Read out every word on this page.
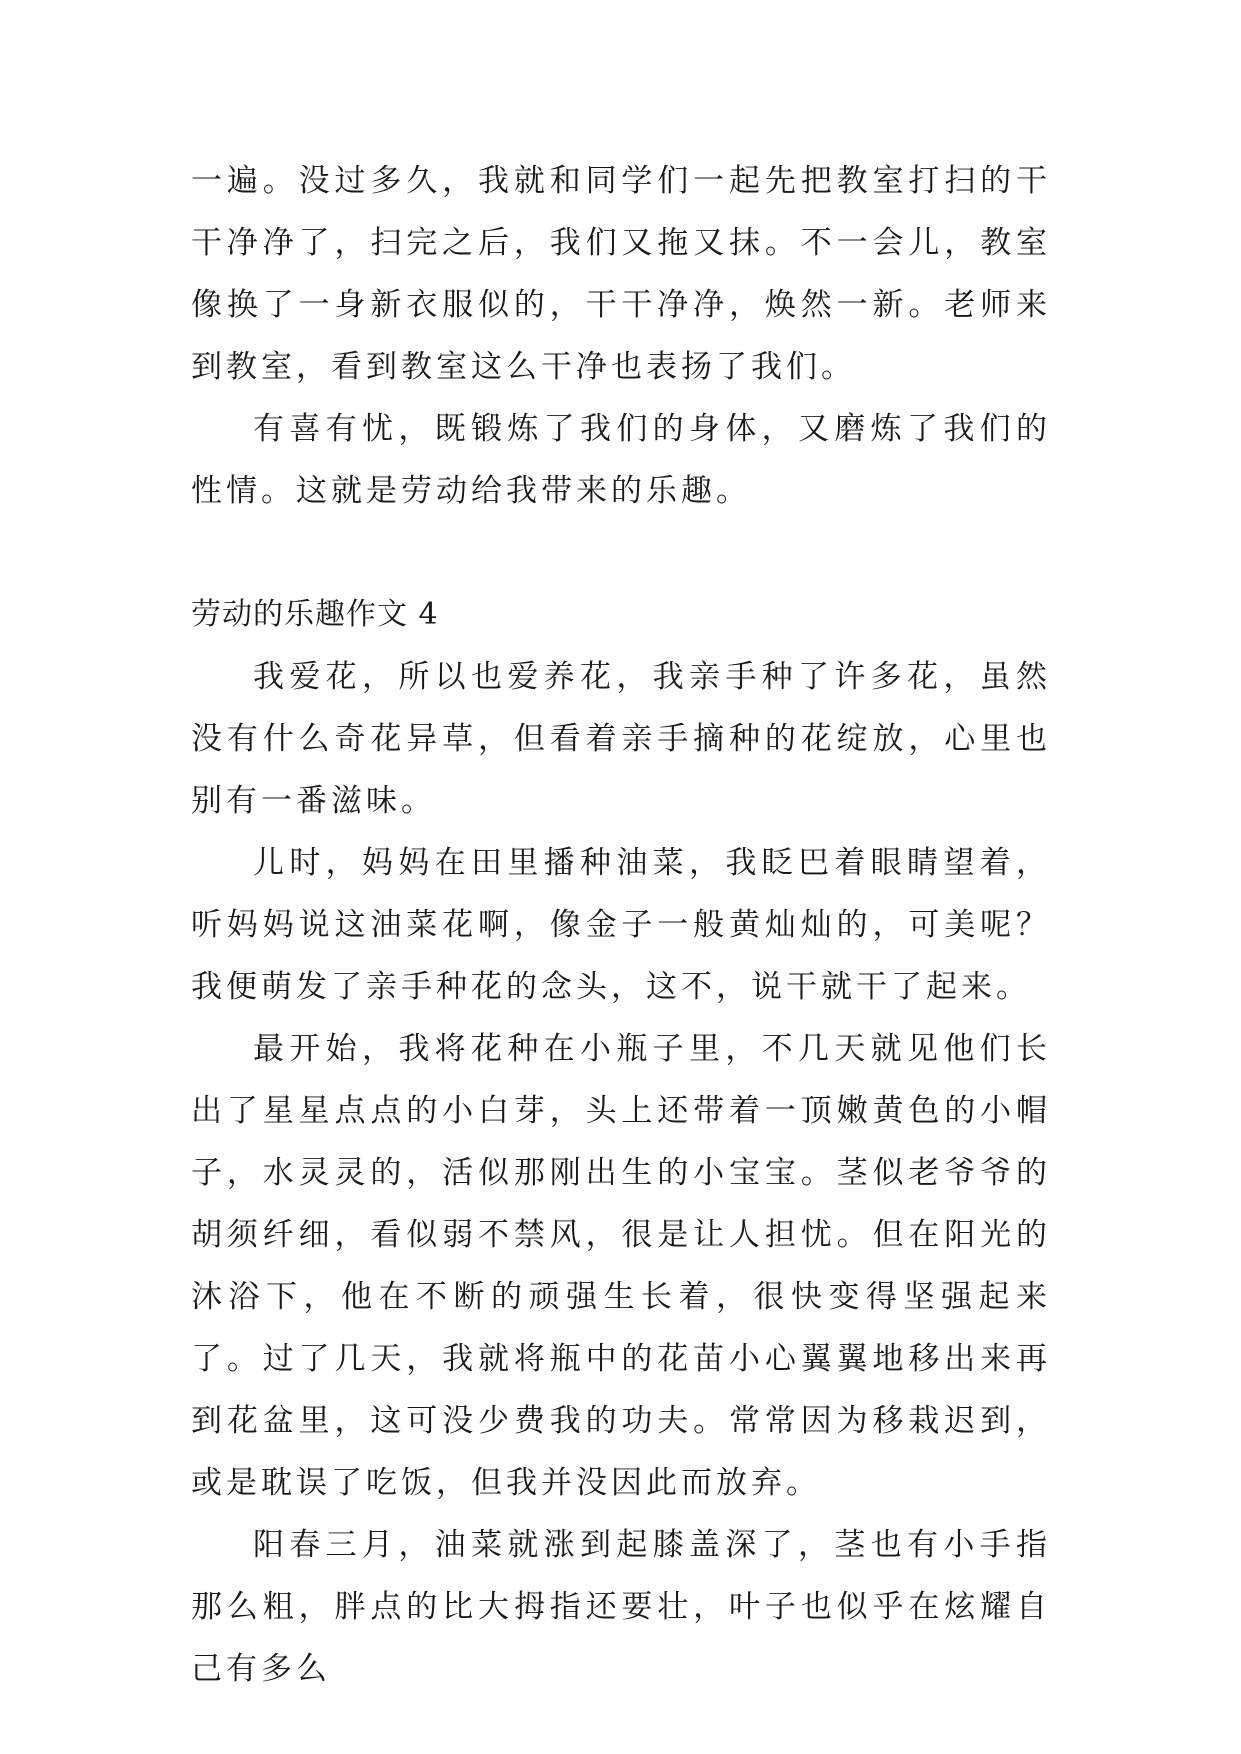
一遍。没过多久，我就和同学们一起先把教室打扫的干干净净了，扫完之后，我们又拖又抹。不一会儿，教室像换了一身新衣服似的，干干净净，焕然一新。老师来到教室，看到教室这么干净也表扬了我们。

有喜有忧，既锻炼了我们的身体，又磨炼了我们的性情。这就是劳动给我带来的乐趣。

劳动的乐趣作文 4

我爱花，所以也爱养花，我亲手种了许多花，虽然没有什么奇花异草，但看着亲手摘种的花绽放，心里也别有一番滋味。

儿时，妈妈在田里播种油菜，我眨巴着眼睛望着，听妈妈说这油菜花啊，像金子一般黄灿灿的，可美呢？我便萌发了亲手种花的念头，这不，说干就干了起来。

最开始，我将花种在小瓶子里，不几天就见他们长出了星星点点的小白芽，头上还带着一顶嫩黄色的小帽子，水灵灵的，活似那刚出生的小宝宝。茎似老爷爷的胡须纤细，看似弱不禁风，很是让人担忧。但在阳光的沐浴下，他在不断的顽强生长着，很快变得坚强起来了。过了几天，我就将瓶中的花苗小心翼翼地移出来再到花盆里，这可没少费我的功夫。常常因为移栽迟到，或是耽误了吃饭，但我并没因此而放弃。

阳春三月，油菜就涨到起膝盖深了，茎也有小手指那么粗，胖点的比大拇指还要壮，叶子也似乎在炫耀自己有多么
